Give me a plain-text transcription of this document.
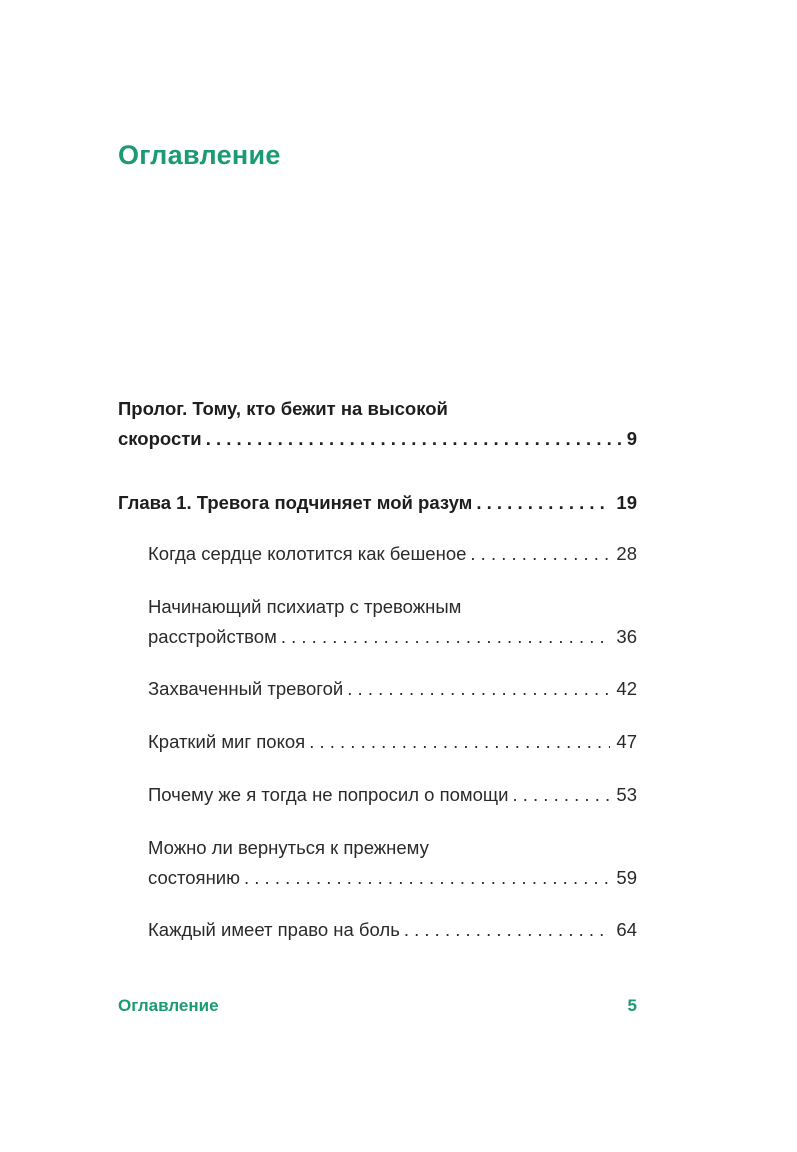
Оглавление
Пролог. Тому, кто бежит на высокой
скорости . . .	9
Глава 1. Тревога подчиняет мой разум . . .	19
Когда сердце колотится как бешеное . . .	28
Начинающий психиатр с тревожным
расстройством . . .	36
Захваченный тревогой . . .	42
Краткий миг покоя . . .	47
Почему же я тогда не попросил о помощи . . .	53
Можно ли вернуться к прежнему
состоянию . . .	59
Каждый имеет право на боль . . .	64
Оглавление	5
